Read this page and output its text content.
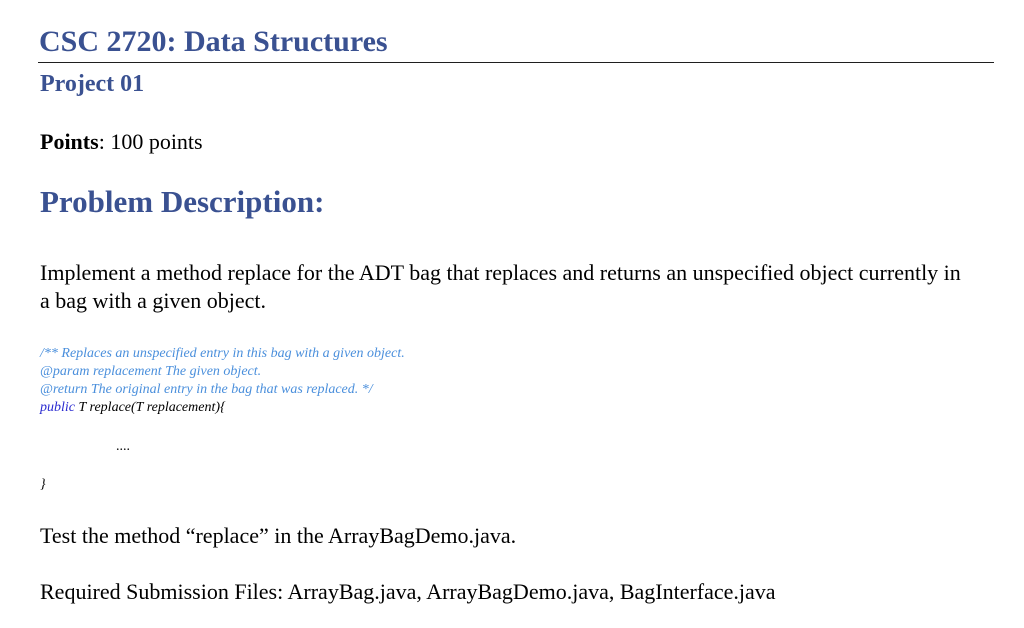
CSC 2720: Data Structures
Project 01

Points: 100 points

Problem Description:

Implement a method replace for the ADT bag that replaces and returns an unspecified object currently in a bag with a given object.

/** Replaces an unspecified entry in this bag with a given object.
@param replacement The given object.
@return The original entry in the bag that was replaced. */
public T replace(T replacement){
....
}

Test the method “replace” in the ArrayBagDemo.java.

Required Submission Files: ArrayBag.java, ArrayBagDemo.java, BagInterface.java
